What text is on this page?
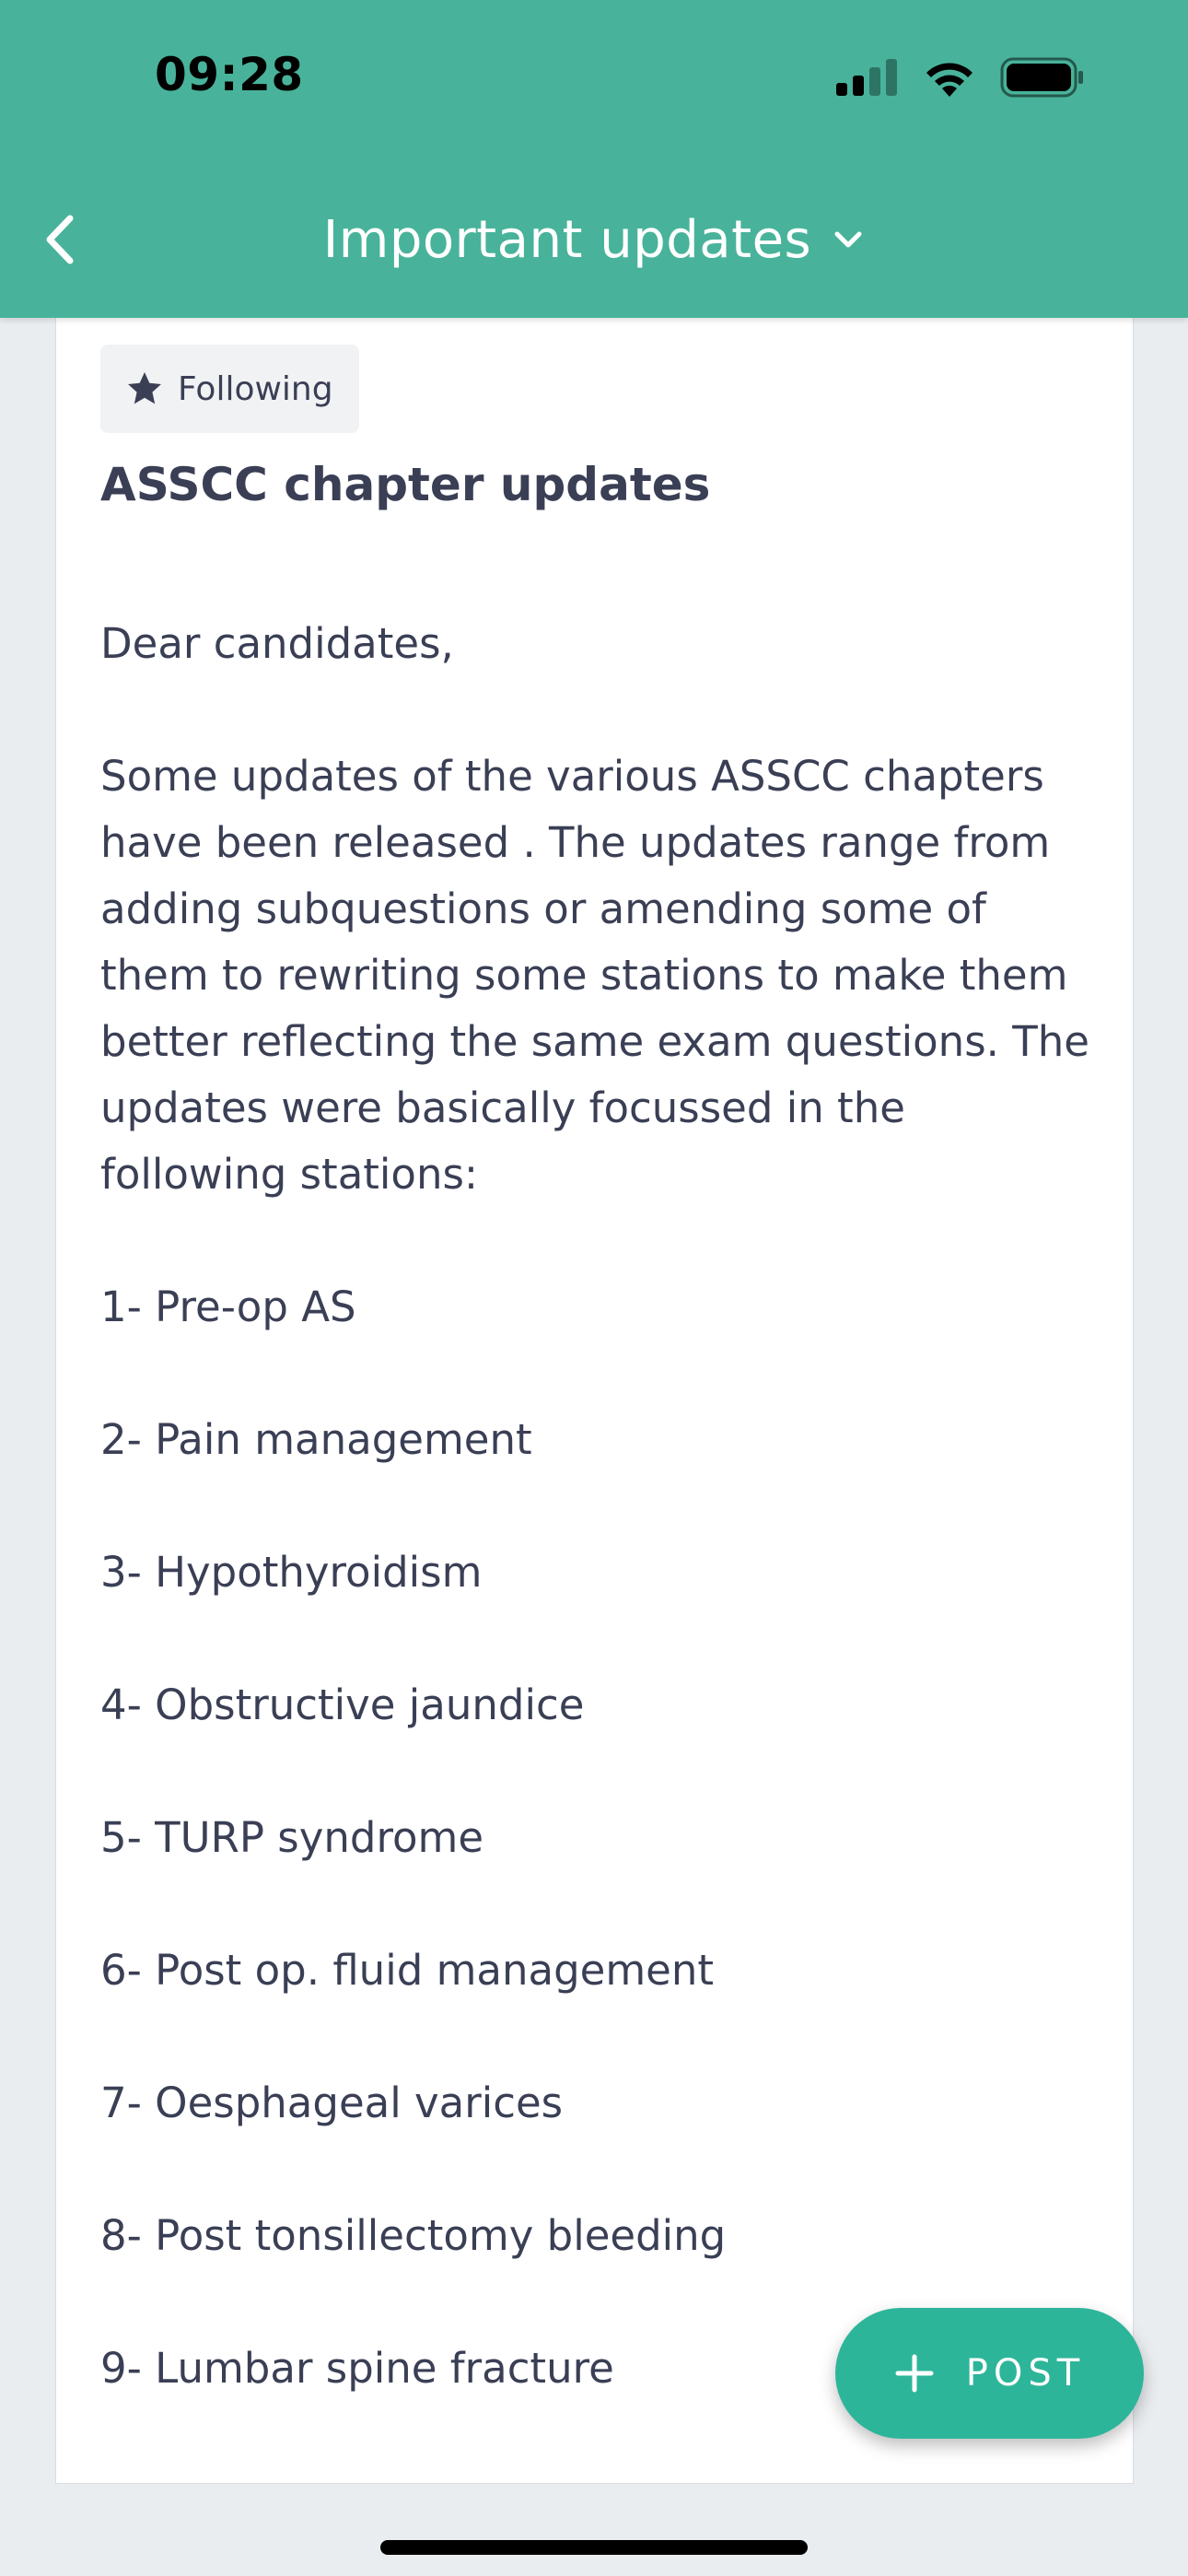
09:28
Important updates
Following
ASSCC chapter updates

Dear candidates,

Some updates of the various ASSCC chapters
have been released . The updates range from
adding subquestions or amending some of
them to rewriting some stations to make them
better reflecting the same exam questions. The
updates were basically focussed in the
following stations:

1- Pre-op AS
2- Pain management
3- Hypothyroidism
4- Obstructive jaundice
5- TURP syndrome
6- Post op. fluid management
7- Oesphageal varices
8- Post tonsillectomy bleeding
9- Lumbar spine fracture	POST
